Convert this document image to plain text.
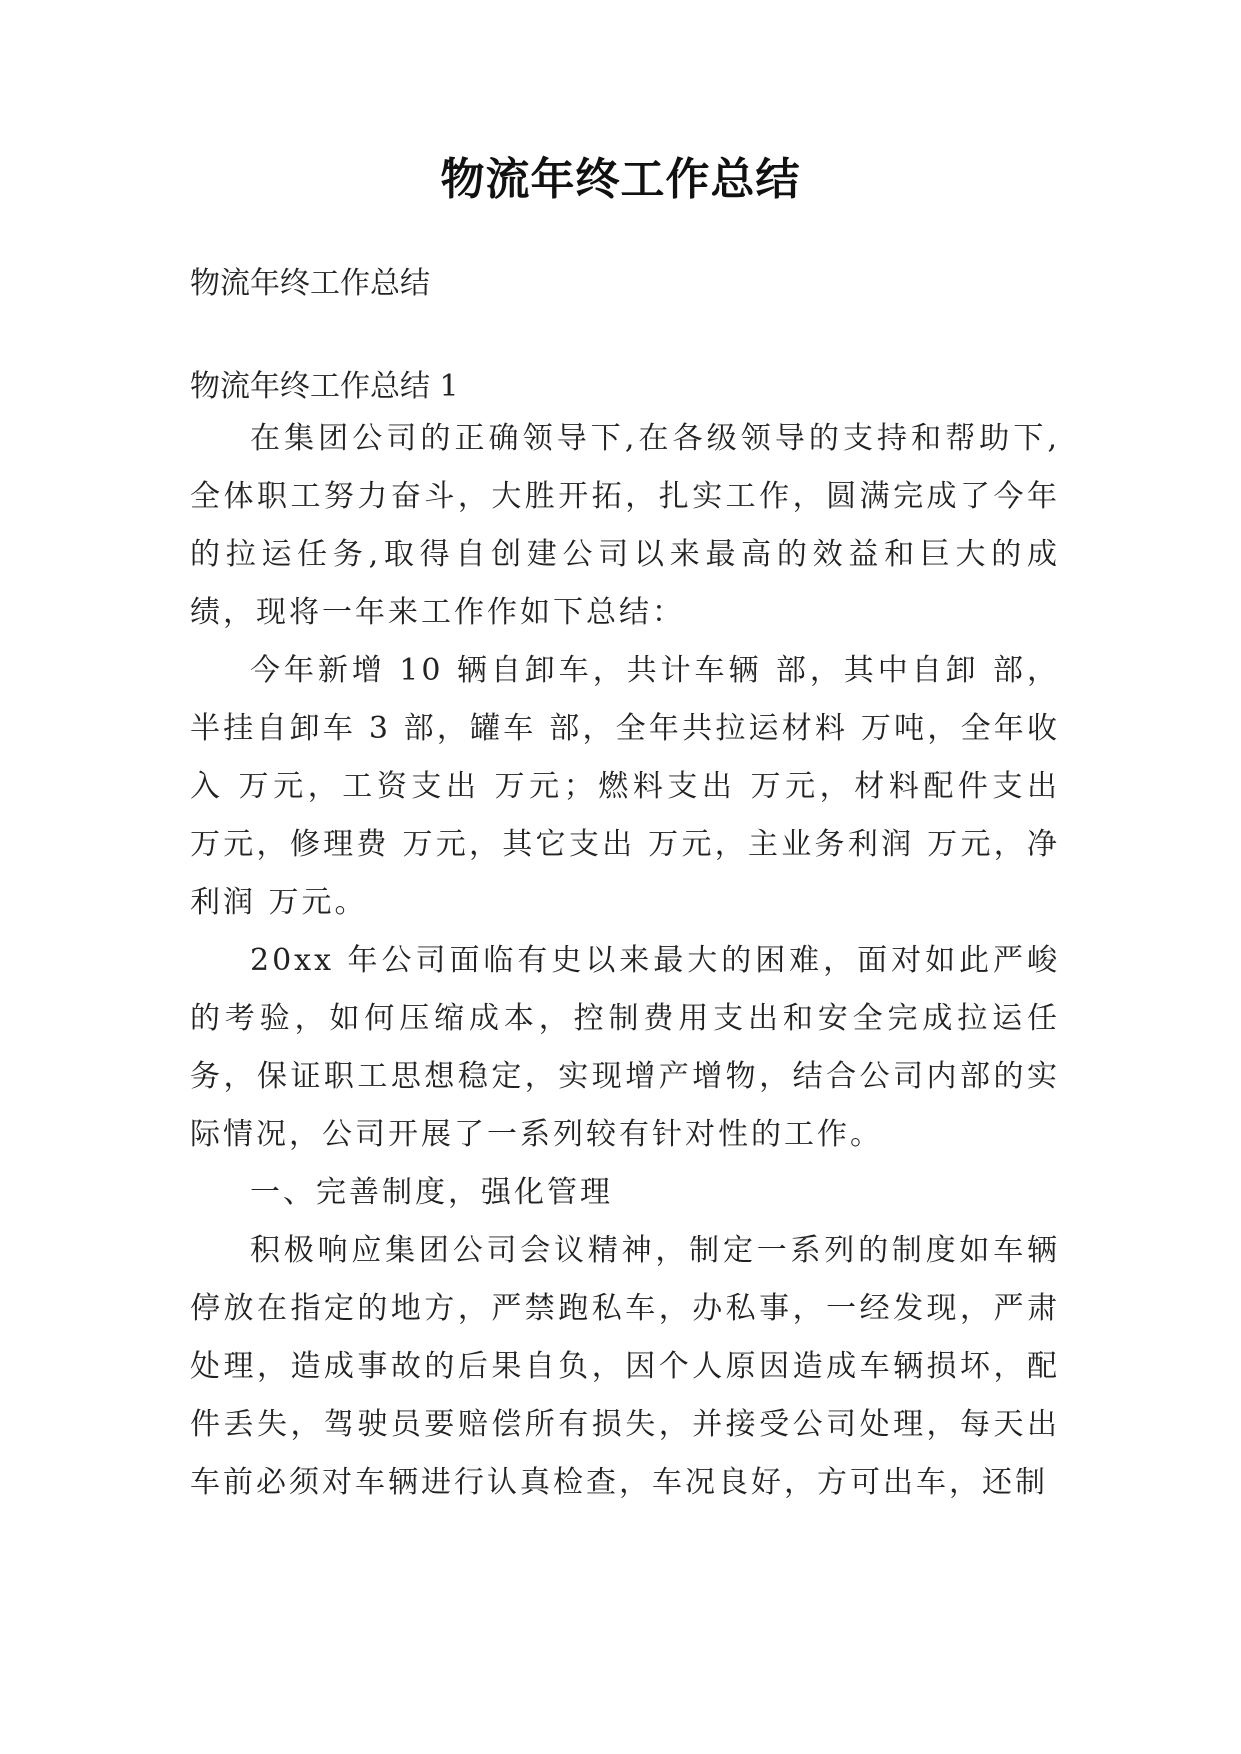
物流年终工作总结
物流年终工作总结
物流年终工作总结 1

在集团公司的正确领导下,在各级领导的支持和帮助下,全体职工努力奋斗，大胜开拓，扎实工作，圆满完成了今年的拉运任务,取得自创建公司以来最高的效益和巨大的成绩，现将一年来工作作如下总结：

今年新增 10 辆自卸车，共计车辆 部，其中自卸 部，半挂自卸车 3 部，罐车 部，全年共拉运材料 万吨，全年收入 万元，工资支出 万元；燃料支出 万元，材料配件支出 万元，修理费 万元，其它支出 万元，主业务利润 万元，净利润 万元。

20xx 年公司面临有史以来最大的困难，面对如此严峻的考验，如何压缩成本，控制费用支出和安全完成拉运任务，保证职工思想稳定，实现增产增物，结合公司内部的实际情况，公司开展了一系列较有针对性的工作。

一、完善制度，强化管理

积极响应集团公司会议精神，制定一系列的制度如车辆停放在指定的地方，严禁跑私车，办私事，一经发现，严肃处理，造成事故的后果自负，因个人原因造成车辆损坏，配件丢失，驾驶员要赔偿所有损失，并接受公司处理，每天出车前必须对车辆进行认真检查，车况良好，方可出车，还制
